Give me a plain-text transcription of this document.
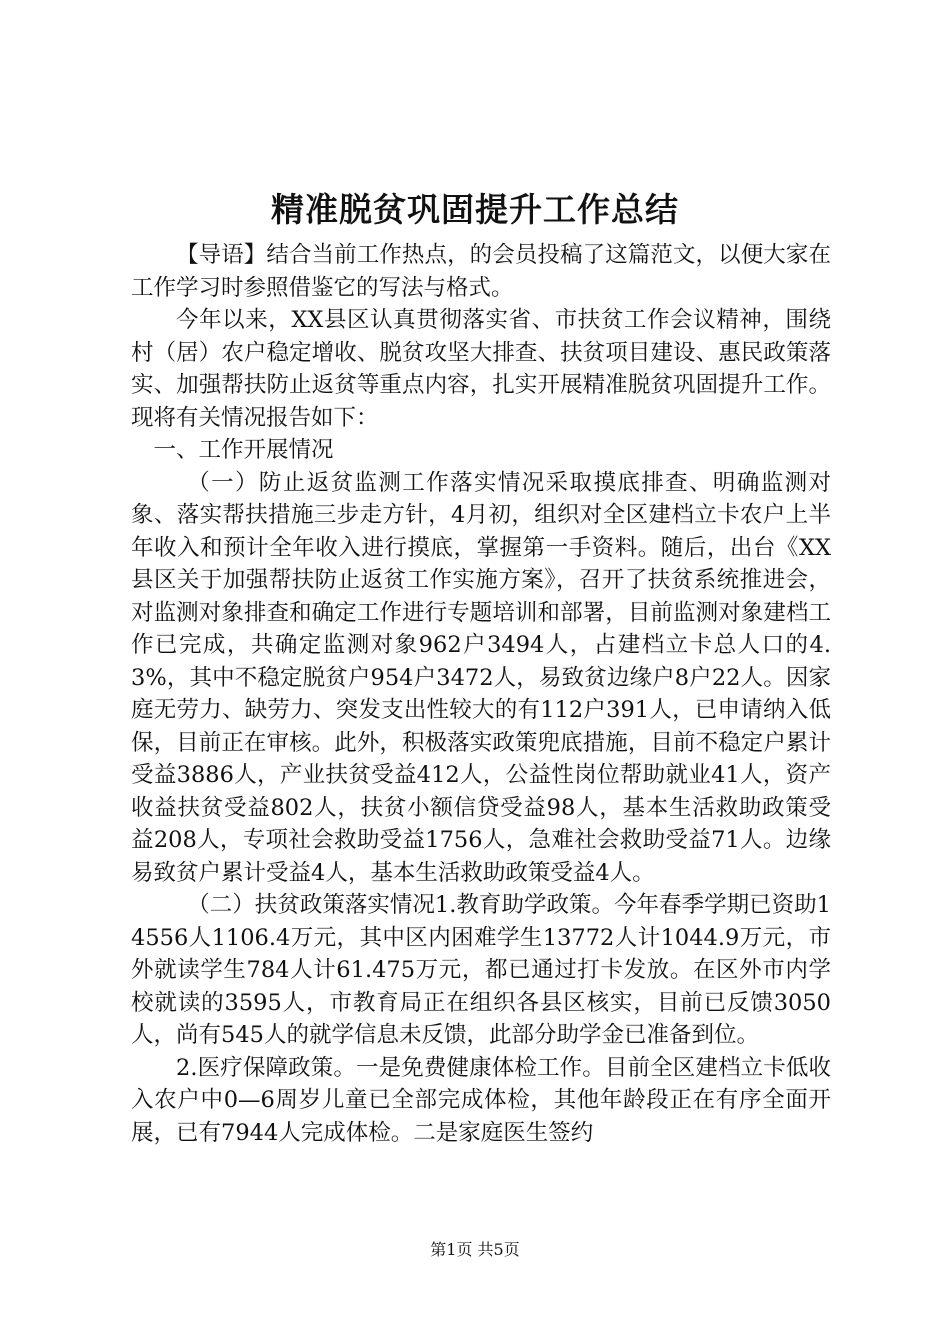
精准脱贫巩固提升工作总结

【导语】结合当前工作热点，的会员投稿了这篇范文，以便大家在工作学习时参照借鉴它的写法与格式。

今年以来，XX县区认真贯彻落实省、市扶贫工作会议精神，围绕村（居）农户稳定增收、脱贫攻坚大排查、扶贫项目建设、惠民政策落实、加强帮扶防止返贫等重点内容，扎实开展精准脱贫巩固提升工作。现将有关情况报告如下：

一、工作开展情况

（一）防止返贫监测工作落实情况采取摸底排查、明确监测对象、落实帮扶措施三步走方针，4月初，组织对全区建档立卡农户上半年收入和预计全年收入进行摸底，掌握第一手资料。随后，出台《XX县区关于加强帮扶防止返贫工作实施方案》，召开了扶贫系统推进会，对监测对象排查和确定工作进行专题培训和部署，目前监测对象建档工作已完成，共确定监测对象962户3494人，占建档立卡总人口的4.3%，其中不稳定脱贫户954户3472人，易致贫边缘户8户22人。因家庭无劳力、缺劳力、突发支出性较大的有112户391人，已申请纳入低保，目前正在审核。此外，积极落实政策兜底措施，目前不稳定户累计受益3886人，产业扶贫受益412人，公益性岗位帮助就业41人，资产收益扶贫受益802人，扶贫小额信贷受益98人，基本生活救助政策受益208人，专项社会救助受益1756人，急难社会救助受益71人。边缘易致贫户累计受益4人，基本生活救助政策受益4人。

（二）扶贫政策落实情况1.教育助学政策。今年春季学期已资助14556人1106.4万元，其中区内困难学生13772人计1044.9万元，市外就读学生784人计61.475万元，都已通过打卡发放。在区外市内学校就读的3595人，市教育局正在组织各县区核实，目前已反馈3050人，尚有545人的就学信息未反馈，此部分助学金已准备到位。

2.医疗保障政策。一是免费健康体检工作。目前全区建档立卡低收入农户中0—6周岁儿童已全部完成体检，其他年龄段正在有序全面开展，已有7944人完成体检。二是家庭医生签约

第1页 共5页
